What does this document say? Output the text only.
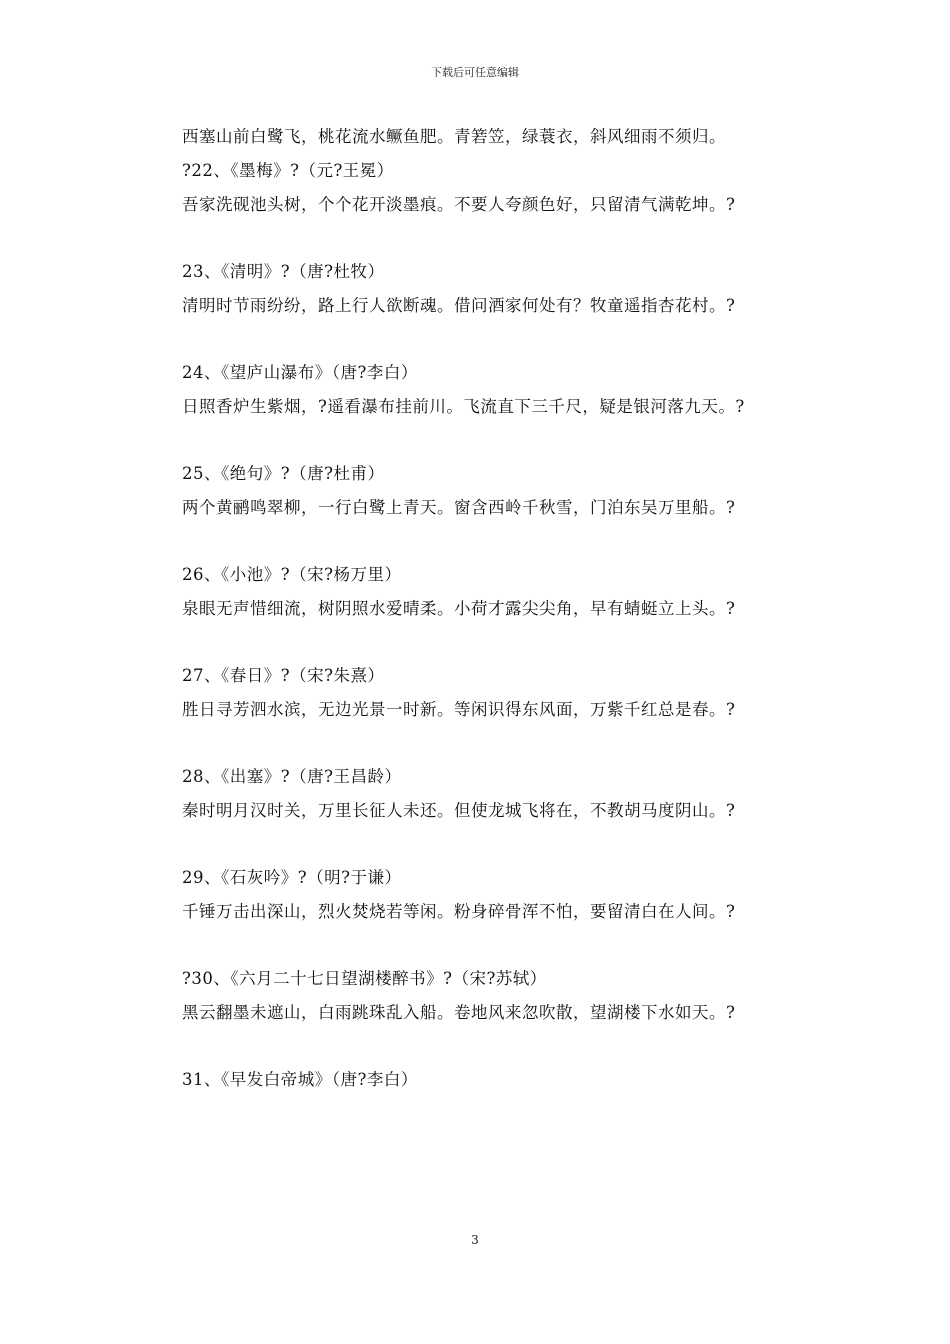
下载后可任意编辑
西塞山前白鹭飞，桃花流水鳜鱼肥。青箬笠，绿蓑衣，斜风细雨不须归。
?22、《墨梅》?（元?王冕）
吾家洗砚池头树，个个花开淡墨痕。不要人夸颜色好，只留清气满乾坤。?
23、《清明》?（唐?杜牧）
清明时节雨纷纷，路上行人欲断魂。借问酒家何处有？牧童遥指杏花村。?
24、《望庐山瀑布》（唐?李白）
日照香炉生紫烟，?遥看瀑布挂前川。飞流直下三千尺，疑是银河落九天。?
25、《绝句》?（唐?杜甫）
两个黄鹂鸣翠柳，一行白鹭上青天。窗含西岭千秋雪，门泊东吴万里船。?
26、《小池》?（宋?杨万里）
泉眼无声惜细流，树阴照水爱晴柔。小荷才露尖尖角，早有蜻蜓立上头。?
27、《春日》?（宋?朱熹）
胜日寻芳泗水滨，无边光景一时新。等闲识得东风面，万紫千红总是春。?
28、《出塞》?（唐?王昌龄）
秦时明月汉时关，万里长征人未还。但使龙城飞将在，不教胡马度阴山。?
29、《石灰吟》?（明?于谦）
千锤万击出深山，烈火焚烧若等闲。粉身碎骨浑不怕，要留清白在人间。?
?30、《六月二十七日望湖楼醉书》?（宋?苏轼）
黑云翻墨未遮山，白雨跳珠乱入船。卷地风来忽吹散，望湖楼下水如天。?
31、《早发白帝城》（唐?李白）
3
